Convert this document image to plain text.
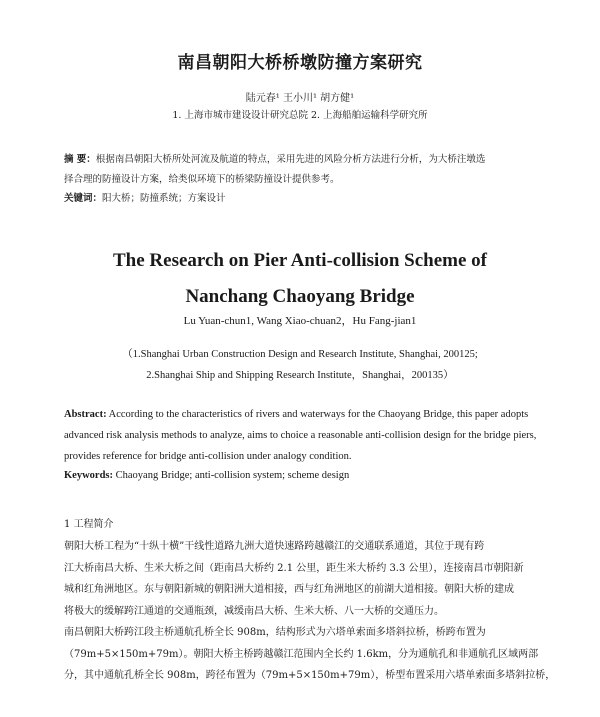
南昌朝阳大桥桥墩防撞方案研究
陆元春¹ 王小川¹ 胡方健¹
1. 上海市城市建设设计研究总院 2. 上海船舶运输科学研究所
摘 要：根据南昌朝阳大桥所处河流及航道的特点，采用先进的风险分析方法进行分析，为大桥注墩选
择合理的防撞设计方案，给类似环境下的桥梁防撞设计提供参考。
关键词：阳大桥；防撞系统；方案设计
The Research on Pier Anti-collision Scheme of
Nanchang Chaoyang Bridge
Lu Yuan-chun1, Wang Xiao-chuan2，Hu Fang-jian1
（1.Shanghai Urban Construction Design and Research Institute, Shanghai, 200125;
2.Shanghai Ship and Shipping Research Institute，Shanghai，200135）
Abstract: According to the characteristics of rivers and waterways for the Chaoyang Bridge, this paper adopts
advanced risk analysis methods to analyze, aims to choice a reasonable anti-collision design for the bridge piers,
provides reference for bridge anti-collision under analogy condition.
Keywords: Chaoyang Bridge; anti-collision system; scheme design
1 工程简介
朝阳大桥工程为“十纵十横”干线性道路九洲大道快速路跨越赣江的交通联系通道，其位于现有跨
江大桥南昌大桥、生米大桥之间（距南昌大桥约 2.1 公里，距生米大桥约 3.3 公里），连接南昌市朝阳新
城和红角洲地区。东与朝阳新城的朝阳洲大道相接，西与红角洲地区的前湖大道相接。朝阳大桥的建成
将极大的缓解跨江通道的交通瓶颈，减缓南昌大桥、生米大桥、八一大桥的交通压力。
南昌朝阳大桥跨江段主桥通航孔桥全长 908m，结构形式为六塔单索面多塔斜拉桥，桥跨布置为
（79m+5×150m+79m）。朝阳大桥主桥跨越赣江范围内全长约 1.6km，分为通航孔和非通航孔区域两部
分，其中通航孔桥全长 908m，跨径布置为（79m+5×150m+79m），桥型布置采用六塔单索面多塔斜拉桥，
